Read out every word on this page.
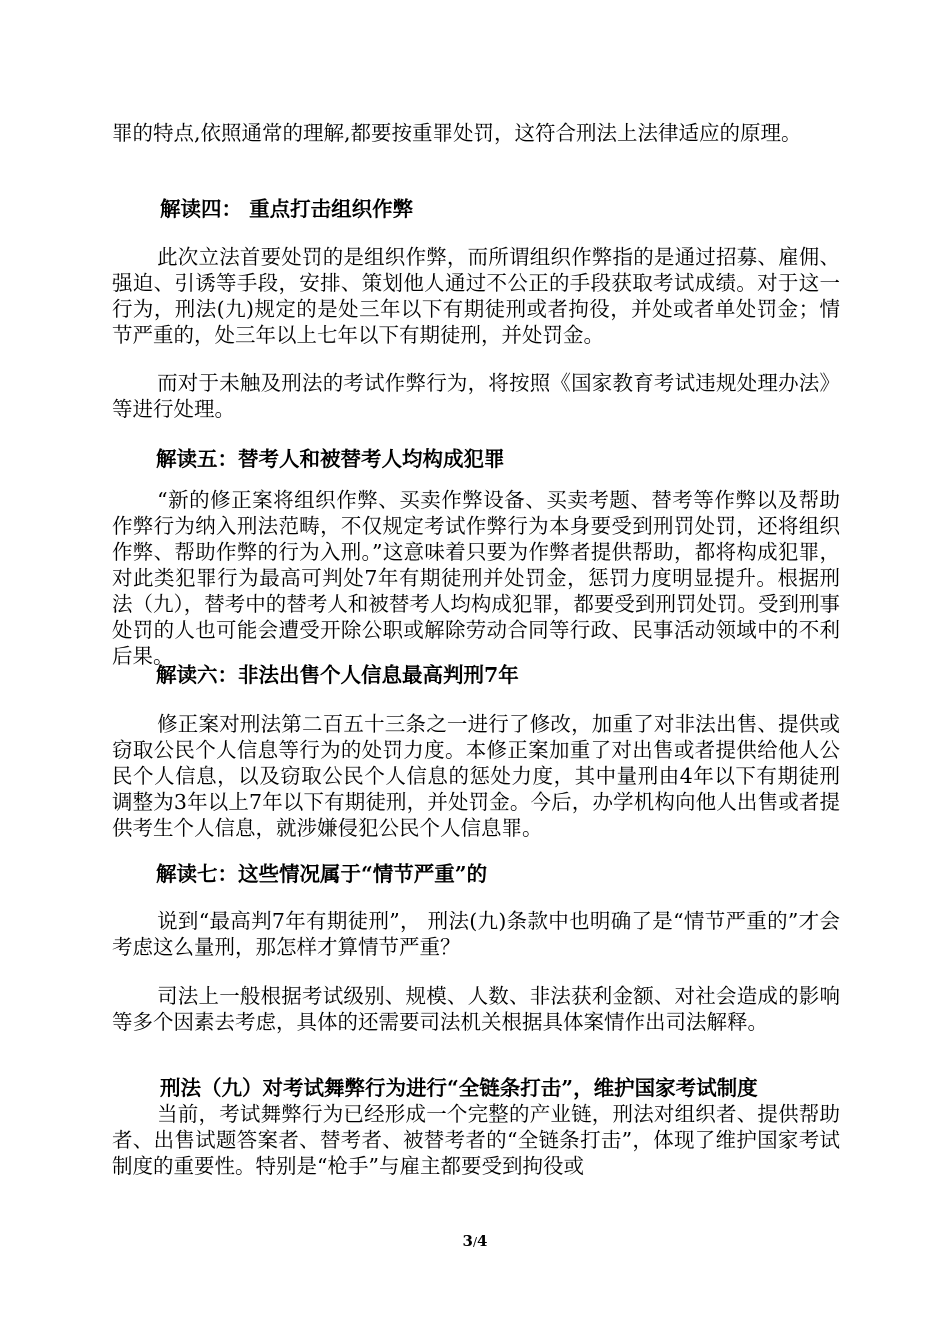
罪的特点,依照通常的理解,都要按重罪处罚，这符合刑法上法律适应的原理。
解读四： 重点打击组织作弊
此次立法首要处罚的是组织作弊，而所谓组织作弊指的是通过招募、雇佣、强迫、引诱等手段，安排、策划他人通过不公正的手段获取考试成绩。对于这一行为，刑法(九)规定的是处三年以下有期徒刑或者拘役，并处或者单处罚金；情节严重的，处三年以上七年以下有期徒刑，并处罚金。
而对于未触及刑法的考试作弊行为，将按照《国家教育考试违规处理办法》等进行处理。
解读五：替考人和被替考人均构成犯罪
“新的修正案将组织作弊、买卖作弊设备、买卖考题、替考等作弊以及帮助作弊行为纳入刑法范畴，不仅规定考试作弊行为本身要受到刑罚处罚，还将组织作弊、帮助作弊的行为入刑。”这意味着只要为作弊者提供帮助，都将构成犯罪，对此类犯罪行为最高可判处7年有期徒刑并处罚金，惩罚力度明显提升。根据刑法（九），替考中的替考人和被替考人均构成犯罪，都要受到刑罚处罚。受到刑事处罚的人也可能会遭受开除公职或解除劳动合同等行政、民事活动领域中的不利后果。
解读六：非法出售个人信息最高判刑7年
修正案对刑法第二百五十三条之一进行了修改，加重了对非法出售、提供或窃取公民个人信息等行为的处罚力度。本修正案加重了对出售或者提供给他人公民个人信息，以及窃取公民个人信息的惩处力度，其中量刑由4年以下有期徒刑调整为3年以上7年以下有期徒刑，并处罚金。今后，办学机构向他人出售或者提供考生个人信息，就涉嫌侵犯公民个人信息罪。
解读七：这些情况属于“情节严重”的
说到“最高判7年有期徒刑”， 刑法(九)条款中也明确了是“情节严重的”才会考虑这么量刑，那怎样才算情节严重？
司法上一般根据考试级别、规模、人数、非法获利金额、对社会造成的影响等多个因素去考虑，具体的还需要司法机关根据具体案情作出司法解释。
刑法（九）对考试舞弊行为进行“全链条打击”，维护国家考试制度
当前，考试舞弊行为已经形成一个完整的产业链，刑法对组织者、提供帮助者、出售试题答案者、替考者、被替考者的“全链条打击”，体现了维护国家考试制度的重要性。特别是“枪手”与雇主都要受到拘役或
3/4
